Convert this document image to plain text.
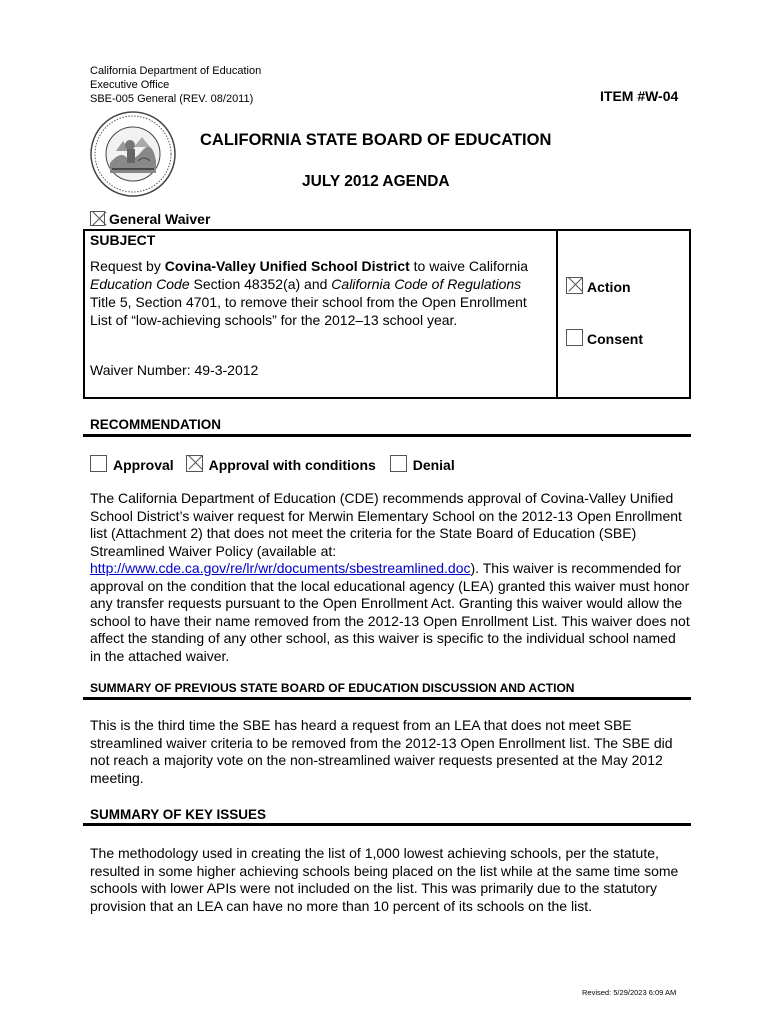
California Department of Education
Executive Office
SBE-005 General (REV. 08/2011)	ITEM #W-04
CALIFORNIA STATE BOARD OF EDUCATION
JULY 2012 AGENDA
General Waiver
SUBJECT
Request by Covina-Valley Unified School District to waive California Education Code Section 48352(a) and California Code of Regulations Title 5, Section 4701, to remove their school from the Open Enrollment List of “low-achieving schools” for the 2012–13 school year.
Waiver Number: 49-3-2012
Action
Consent
RECOMMENDATION
Approval Approval with conditions	Denial
The California Department of Education (CDE) recommends approval of Covina-Valley Unified School District’s waiver request for Merwin Elementary School on the 2012-13 Open Enrollment list (Attachment 2) that does not meet the criteria for the State Board of Education (SBE) Streamlined Waiver Policy (available at: http://www.cde.ca.gov/re/lr/wr/documents/sbestreamlined.doc). This waiver is recommended for approval on the condition that the local educational agency (LEA) granted this waiver must honor any transfer requests pursuant to the Open Enrollment Act. Granting this waiver would allow the school to have their name removed from the 2012-13 Open Enrollment List. This waiver does not affect the standing of any other school, as this waiver is specific to the individual school named in the attached waiver.
SUMMARY OF PREVIOUS STATE BOARD OF EDUCATION DISCUSSION AND ACTION
This is the third time the SBE has heard a request from an LEA that does not meet SBE streamlined waiver criteria to be removed from the 2012-13 Open Enrollment list. The SBE did not reach a majority vote on the non-streamlined waiver requests presented at the May 2012 meeting.
SUMMARY OF KEY ISSUES
The methodology used in creating the list of 1,000 lowest achieving schools, per the statute, resulted in some higher achieving schools being placed on the list while at the same time some schools with lower APIs were not included on the list. This was primarily due to the statutory provision that an LEA can have no more than 10 percent of its schools on the list.
Revised: 5/29/2023 6:09 AM
